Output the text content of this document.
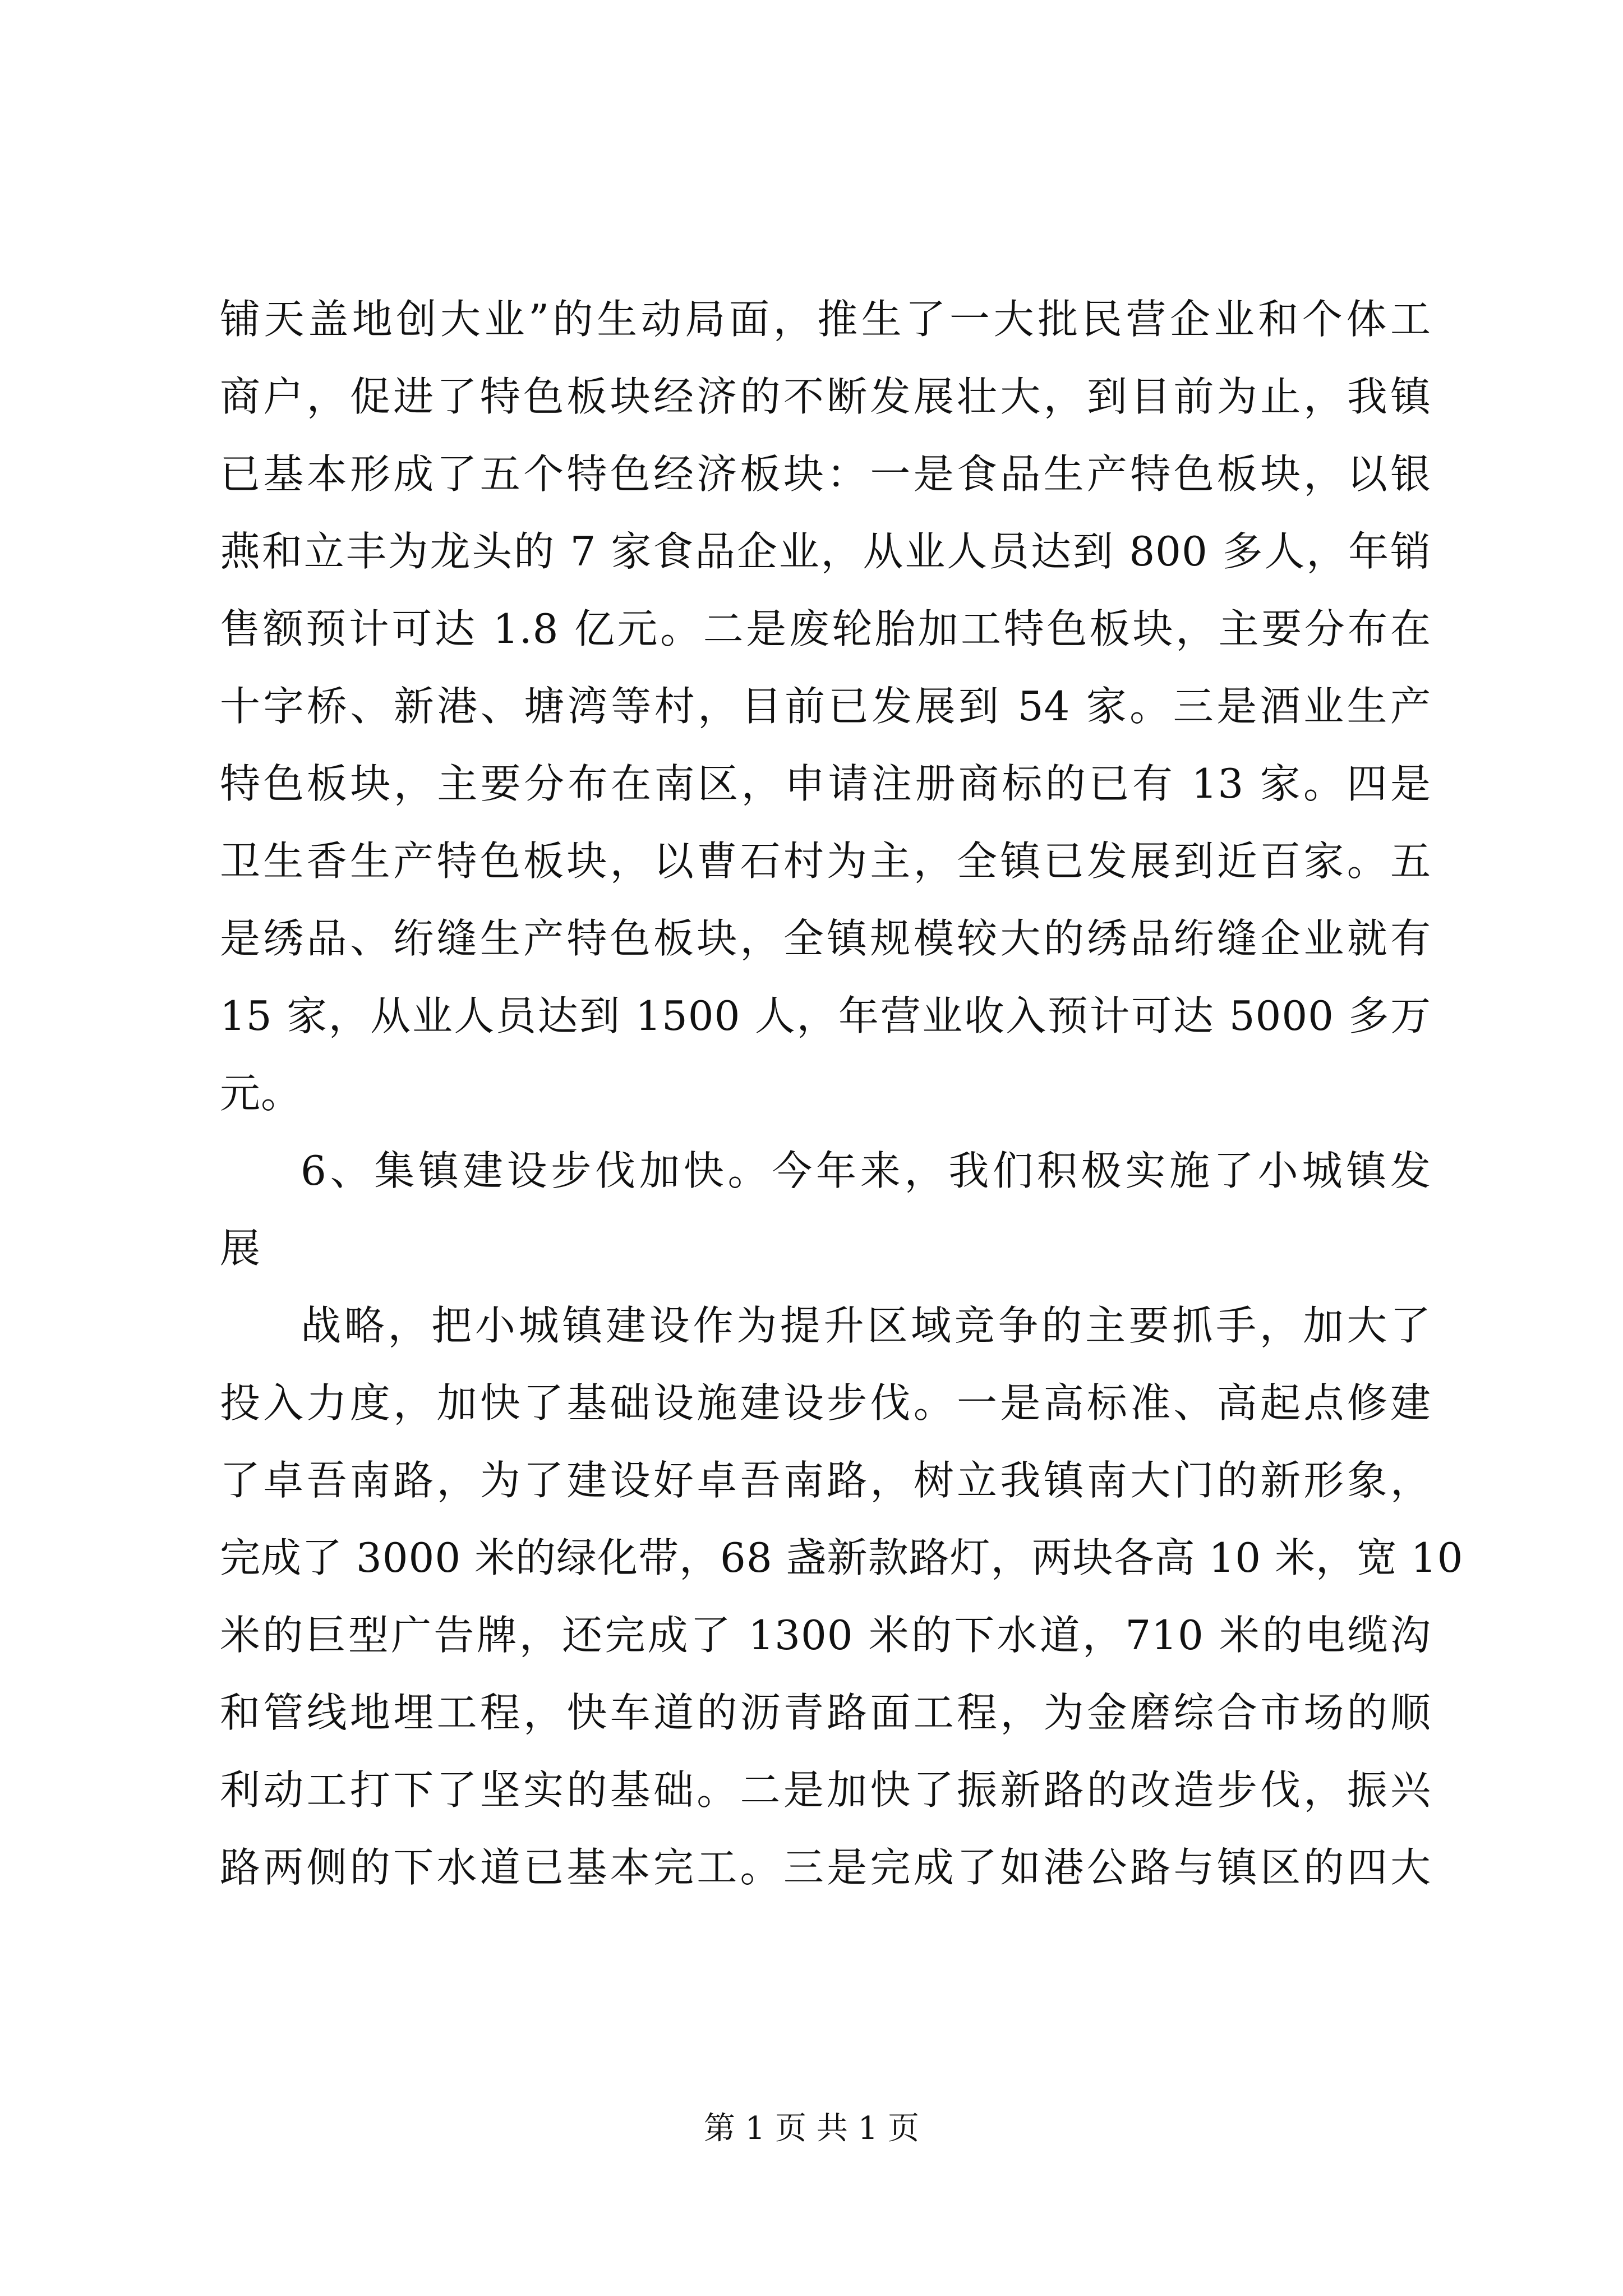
铺天盖地创大业”的生动局面，推生了一大批民营企业和个体工
商户，促进了特色板块经济的不断发展壮大，到目前为止，我镇
已基本形成了五个特色经济板块：一是食品生产特色板块，以银
燕和立丰为龙头的 7 家食品企业，从业人员达到 800 多人，年销
售额预计可达 1.8 亿元。二是废轮胎加工特色板块，主要分布在
十字桥、新港、塘湾等村，目前已发展到 54 家。三是酒业生产
特色板块，主要分布在南区，申请注册商标的已有 13 家。四是
卫生香生产特色板块，以曹石村为主，全镇已发展到近百家。五
是绣品、绗缝生产特色板块，全镇规模较大的绣品绗缝企业就有
15 家，从业人员达到 1500 人，年营业收入预计可达 5000 多万
元。
6、集镇建设步伐加快。今年来，我们积极实施了小城镇发
展
战略，把小城镇建设作为提升区域竞争的主要抓手，加大了
投入力度，加快了基础设施建设步伐。一是高标准、高起点修建
了卓吾南路，为了建设好卓吾南路，树立我镇南大门的新形象，
完成了 3000 米的绿化带，68 盏新款路灯，两块各高 10 米，宽 10
米的巨型广告牌，还完成了 1300 米的下水道，710 米的电缆沟
和管线地埋工程，快车道的沥青路面工程，为金磨综合市场的顺
利动工打下了坚实的基础。二是加快了振新路的改造步伐，振兴
路两侧的下水道已基本完工。三是完成了如港公路与镇区的四大
第 1 页 共 1 页
